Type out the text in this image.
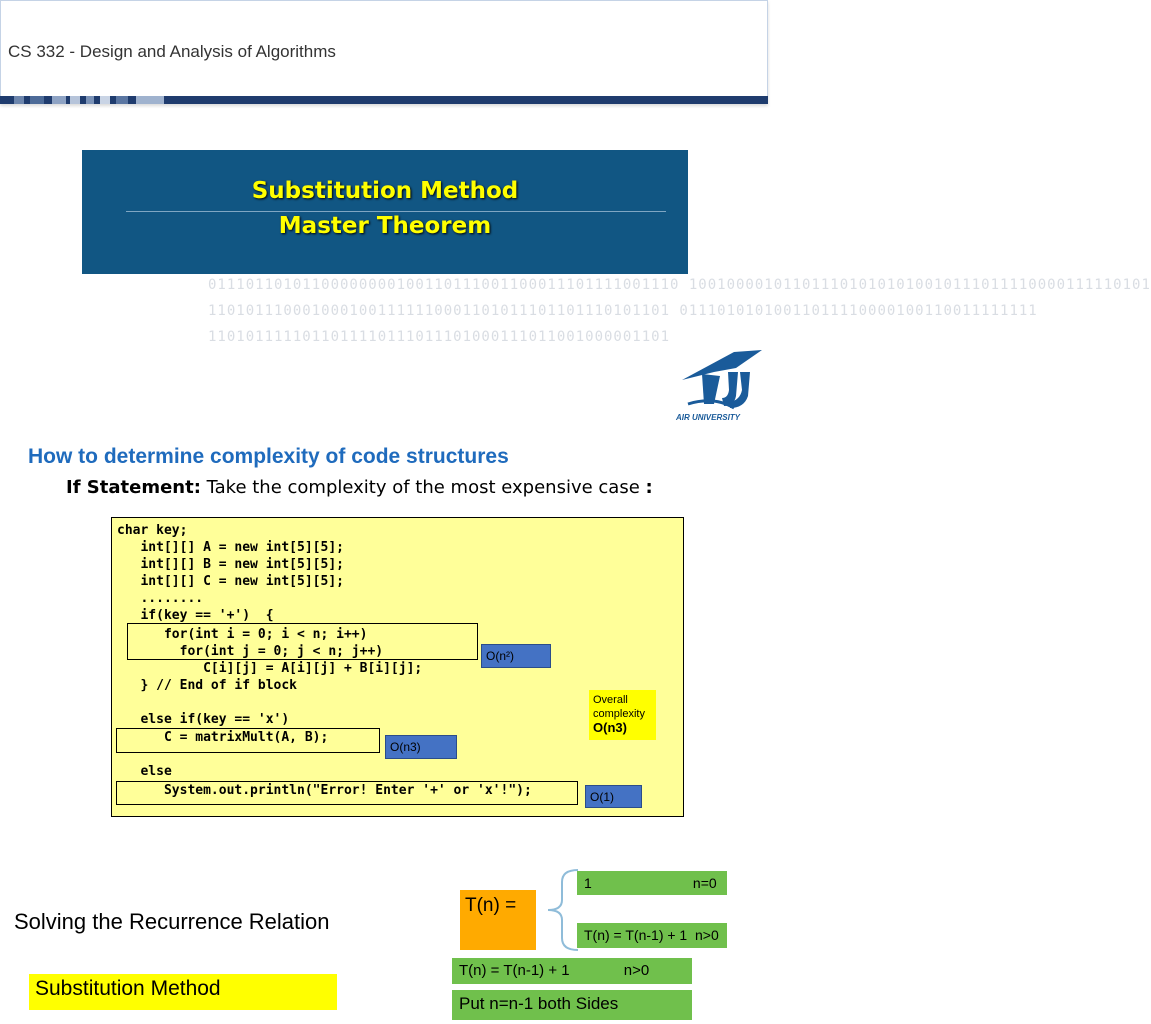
CS 332 - Design and Analysis of Algorithms
Substitution Method
Master Theorem
01110110101100000000100110111001100011101111001110 1001000010110111010101010010111011110000111110101
1101011100010001001111110001101011101101110101101 01110101010011011110000100110011111111
1101011111011011110111011101000111011001000001101
AIR UNIVERSITY
How to determine complexity of code structures
If Statement: Take the complexity of the most expensive case :
char key;
int[][] A = new int[5][5];
int[][] B = new int[5][5];
int[][] C = new int[5][5];
........
if(key == '+')  {
for(int i = 0; i < n; i++)
for(int j = 0; j < n; j++)
C[i][j] = A[i][j] + B[i][j];
} // End of if block
else if(key == 'x')
C = matrixMult(A, B);
else
System.out.println("Error! Enter '+' or 'x'!");
O(n²)
O(n3)
O(1)
Overall complexity
O(n3)
Solving the Recurrence Relation
Substitution Method
T(n) =
1                          n=0
T(n) = T(n-1) + 1  n>0
T(n) = T(n-1) + 1             n>0
Put n=n-1 both Sides
